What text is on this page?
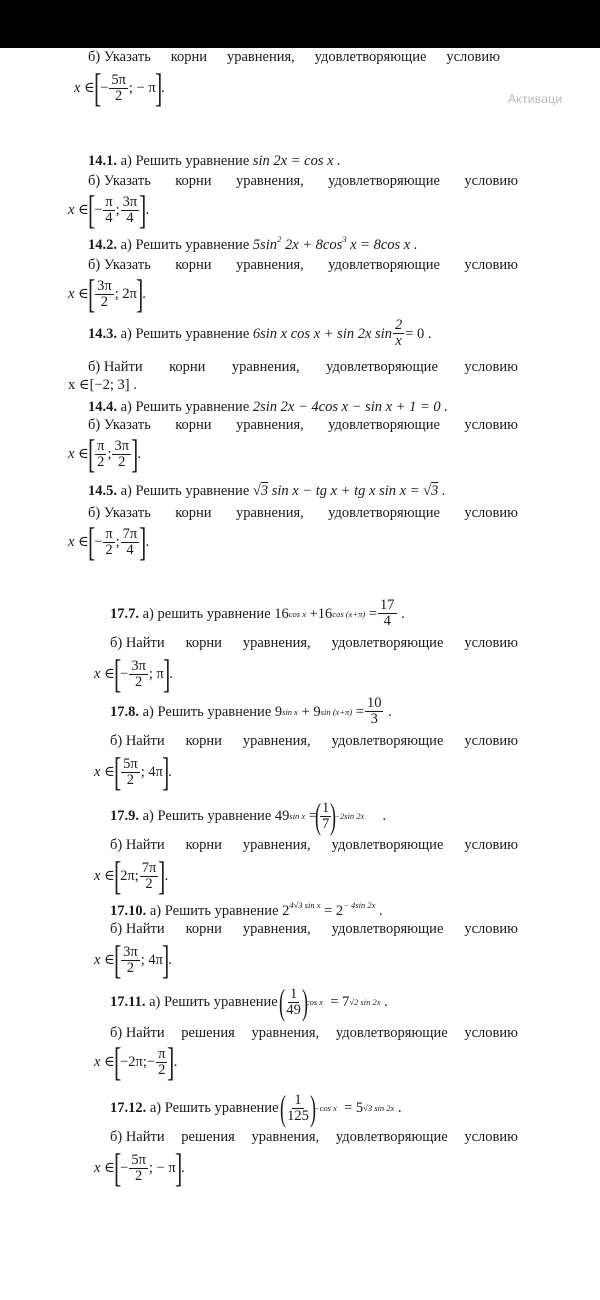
Активаци
б) Указать корни уравнения, удовлетворяющие условию
x ∈
[
− $\frac{5\pi}{2}$ ;
− π
]
.
14.1. а) Решить уравнение sin 2x = cos x .
б) Указать корни уравнения, удовлетворяющие условию
x ∈
[
− $\frac{\pi}{4}$ ; $\frac{3\pi}{4}$ ]
.
14.2. а) Решить уравнение $5\sin^2$ $2x + 8\cos^3$ x = 8cos x .
б) Указать корни уравнения, удовлетворяющие условию
x ∈
[ $\frac{3\pi}{2}$ ;
2π
]
.
14.3.
а) Решить уравнение
6sin x cos x + sin 2x $\sin \frac{2}{x} = 0$ .
б) Найти корни уравнения, удовлетворяющие условию
x ∈[−2; 3] .
14.4. а) Решить уравнение 2sin 2x − 4cos x − sin x + 1 = 0 .
б) Указать корни уравнения, удовлетворяющие условию
x ∈
[ $\frac{\pi}{2}$ ; $\frac{3\pi}{2}$ ]
.
14.5. а) Решить уравнение √3 sin x − tg x + tg x sin x = √3 .
б) Указать корни уравнения, удовлетворяющие условию
x ∈
[
− $\frac{\pi}{2}$ ; $\frac{7\pi}{4}$ ]
.
17.7.
а) решить уравнение
16 cos x
+16 cos (x+π)
= $\frac{17}{4}$
.
б) Найти корни уравнения, удовлетворяющие условию
x ∈
[
− $\frac{3\pi}{2}$ ;
π
]
.
17.8.
а) Решить уравнение
9 sin x
+ 9 sin (x+π)
= $\frac{10}{3}$
.
б) Найти корни уравнения, удовлетворяющие условию
x ∈
[ $\frac{5\pi}{2}$ ;
4π
]
.
17.9.
а) Решить уравнение
49 sin x
=
( $\frac{1}{7}$ )
−2sin 2x
.
б) Найти корни уравнения, удовлетворяющие условию
x ∈
[
2π ; $\frac{7\pi}{2}$ ]
.
17.10. а) Решить уравнение $2^{4√3 sin x} = 2^{- 4sin 2x}$ .
б) Найти корни уравнения, удовлетворяющие условию
x ∈
[ $\frac{3\pi}{2}$ ;
4π
]
.
17.11.
а) Решить уравнение
( $\frac{1}{49}$ )
cos x
= 7 √2 sin 2x
.
б) Найти решения уравнения, удовлетворяющие условию
x ∈
[
−2π ; − $\frac{\pi}{2}$ ]
.
17.12.
а) Решить уравнение
( $\frac{1}{125}$ )
−cos x
= 5 √3 sin 2x
.
б) Найти решения уравнения, удовлетворяющие условию
x ∈
[
− $\frac{5\pi}{2}$ ;
− π
]
.
